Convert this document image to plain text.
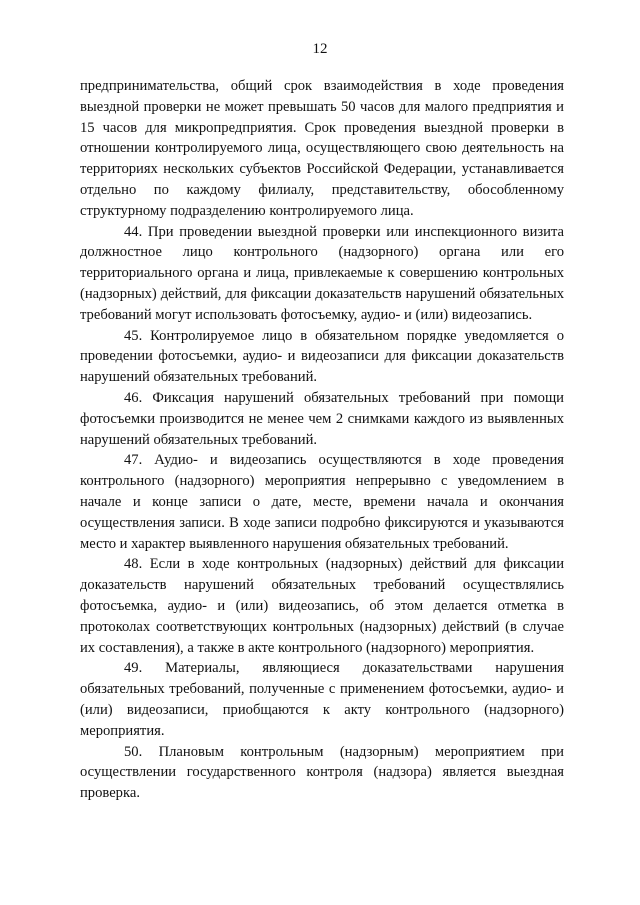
12

предпринимательства, общий срок взаимодействия в ходе проведения выездной проверки не может превышать 50 часов для малого предприятия и 15 часов для микропредприятия. Срок проведения выездной проверки в отношении контролируемого лица, осуществляющего свою деятельность на территориях нескольких субъектов Российской Федерации, устанавливается отдельно по каждому филиалу, представительству, обособленному структурному подразделению контролируемого лица.

44. При проведении выездной проверки или инспекционного визита должностное лицо контрольного (надзорного) органа или его территориального органа и лица, привлекаемые к совершению контрольных (надзорных) действий, для фиксации доказательств нарушений обязательных требований могут использовать фотосъемку, аудио- и (или) видеозапись.

45. Контролируемое лицо в обязательном порядке уведомляется о проведении фотосъемки, аудио- и видеозаписи для фиксации доказательств нарушений обязательных требований.

46. Фиксация нарушений обязательных требований при помощи фотосъемки производится не менее чем 2 снимками каждого из выявленных нарушений обязательных требований.

47. Аудио- и видеозапись осуществляются в ходе проведения контрольного (надзорного) мероприятия непрерывно с уведомлением в начале и конце записи о дате, месте, времени начала и окончания осуществления записи. В ходе записи подробно фиксируются и указываются место и характер выявленного нарушения обязательных требований.

48. Если в ходе контрольных (надзорных) действий для фиксации доказательств нарушений обязательных требований осуществлялись фотосъемка, аудио- и (или) видеозапись, об этом делается отметка в протоколах соответствующих контрольных (надзорных) действий (в случае их составления), а также в акте контрольного (надзорного) мероприятия.

49. Материалы, являющиеся доказательствами нарушения обязательных требований, полученные с применением фотосъемки, аудио- и (или) видеозаписи, приобщаются к акту контрольного (надзорного) мероприятия.

50. Плановым контрольным (надзорным) мероприятием при осуществлении государственного контроля (надзора) является выездная проверка.
